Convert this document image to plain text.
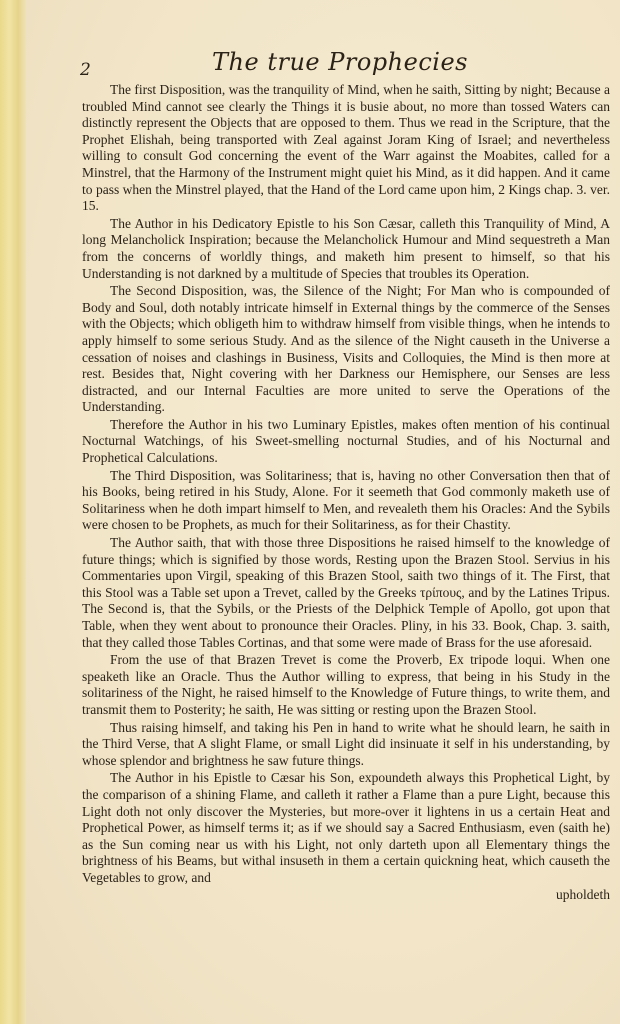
2	The true Prophecies

The first Disposition, was the tranquility of Mind, when he saith, Sitting by night; Because a troubled Mind cannot see clearly the Things it is busie about, no more than tossed Waters can distinctly represent the Objects that are opposed to them. Thus we read in the Scripture, that the Prophet Elishah, being transported with Zeal against Joram King of Israel; and nevertheless willing to consult God concerning the event of the Warr against the Moabites, called for a Minstrel, that the Harmony of the Instrument might quiet his Mind, as it did happen. And it came to pass when the Minstrel played, that the Hand of the Lord came upon him, 2 Kings chap. 3. ver. 15.

The Author in his Dedicatory Epistle to his Son Cæsar, calleth this Tranquility of Mind, A long Melancholick Inspiration; because the Melancholick Humour and Mind sequestreth a Man from the concerns of worldly things, and maketh him present to himself, so that his Understanding is not darkned by a multitude of Species that troubles its Operation.

The Second Disposition, was, the Silence of the Night; For Man who is compounded of Body and Soul, doth notably intricate himself in External things by the commerce of the Senses with the Objects; which obligeth him to withdraw himself from visible things, when he intends to apply himself to some serious Study. And as the silence of the Night causeth in the Universe a cessation of noises and clashings in Business, Visits and Colloquies, the Mind is then more at rest. Besides that, Night covering with her Darkness our Hemisphere, our Senses are less distracted, and our Internal Faculties are more united to serve the Operations of the Understanding.

Therefore the Author in his two Luminary Epistles, makes often mention of his continual Nocturnal Watchings, of his Sweet-smelling nocturnal Studies, and of his Nocturnal and Prophetical Calculations.

The Third Disposition, was Solitariness; that is, having no other Conversation then that of his Books, being retired in his Study, Alone. For it seemeth that God commonly maketh use of Solitariness when he doth impart himself to Men, and revealeth them his Oracles: And the Sybils were chosen to be Prophets, as much for their Solitariness, as for their Chastity.

The Author saith, that with those three Dispositions he raised himself to the knowledge of future things; which is signified by those words, Resting upon the Brazen Stool. Servius in his Commentaries upon Virgil, speaking of this Brazen Stool, saith two things of it. The First, that this Stool was a Table set upon a Trevet, called by the Greeks τρίπους, and by the Latines Tripus. The Second is, that the Sybils, or the Priests of the Delphick Temple of Apollo, got upon that Table, when they went about to pronounce their Oracles. Pliny, in his 33. Book, Chap. 3. saith, that they called those Tables Cortinas, and that some were made of Brass for the use aforesaid.

From the use of that Brazen Trevet is come the Proverb, Ex tripode loqui. When one speaketh like an Oracle. Thus the Author willing to express, that being in his Study in the solitariness of the Night, he raised himself to the Knowledge of Future things, to write them, and transmit them to Posterity; he saith, He was sitting or resting upon the Brazen Stool.

Thus raising himself, and taking his Pen in hand to write what he should learn, he saith in the Third Verse, that A slight Flame, or small Light did insinuate it self in his understanding, by whose splendor and brightness he saw future things.

The Author in his Epistle to Cæsar his Son, expoundeth always this Prophetical Light, by the comparison of a shining Flame, and calleth it rather a Flame than a pure Light, because this Light doth not only discover the Mysteries, but more-over it lightens in us a certain Heat and Prophetical Power, as himself terms it; as if we should say a Sacred Enthusiasm, even (saith he) as the Sun coming near us with his Light, not only darteth upon all Elementary things the brightness of his Beams, but withal insuseth in them a certain quickning heat, which causeth the Vegetables to grow, and

upholdeth
